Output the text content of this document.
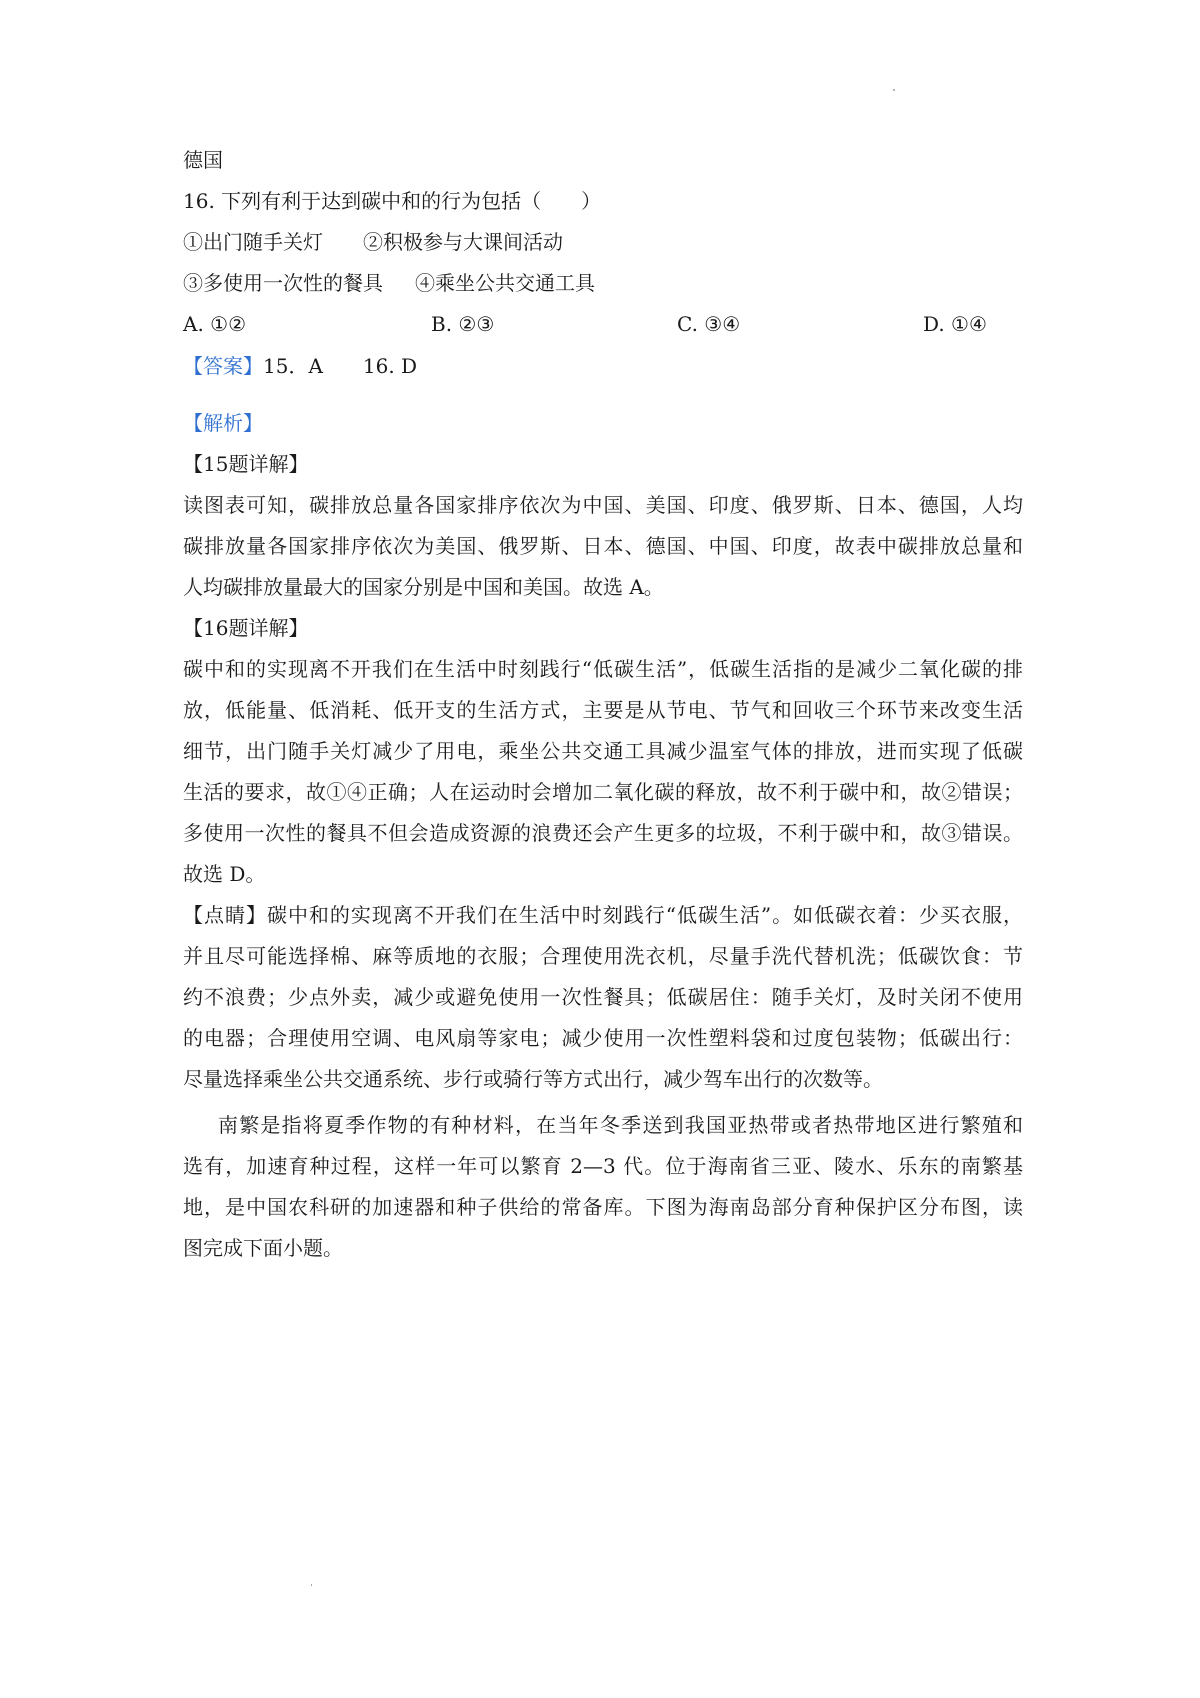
德国
16. 下列有利于达到碳中和的行为包括（　　）
①出门随手关灯 ②积极参与大课间活动
③多使用一次性的餐具 ④乘坐公共交通工具
A. ①②	B. ②③	C. ③④	D. ①④
【答案】15．A　　16. D
【解析】
【15题详解】
读图表可知，碳排放总量各国家排序依次为中国、美国、印度、俄罗斯、日本、德国，人均
碳排放量各国家排序依次为美国、俄罗斯、日本、德国、中国、印度，故表中碳排放总量和
人均碳排放量最大的国家分别是中国和美国。故选 A。
【16题详解】
碳中和的实现离不开我们在生活中时刻践行“低碳生活”，低碳生活指的是减少二氧化碳的排
放，低能量、低消耗、低开支的生活方式，主要是从节电、节气和回收三个环节来改变生活
细节，出门随手关灯减少了用电，乘坐公共交通工具减少温室气体的排放，进而实现了低碳
生活的要求，故①④正确；人在运动时会增加二氧化碳的释放，故不利于碳中和，故②错误；
多使用一次性的餐具不但会造成资源的浪费还会产生更多的垃圾，不利于碳中和，故③错误。
故选 D。
【点睛】碳中和的实现离不开我们在生活中时刻践行“低碳生活”。如低碳衣着：少买衣服，
并且尽可能选择棉、麻等质地的衣服；合理使用洗衣机，尽量手洗代替机洗；低碳饮食：节
约不浪费；少点外卖，减少或避免使用一次性餐具；低碳居住：随手关灯，及时关闭不使用
的电器；合理使用空调、电风扇等家电；减少使用一次性塑料袋和过度包装物；低碳出行：
尽量选择乘坐公共交通系统、步行或骑行等方式出行，减少驾车出行的次数等。
南繁是指将夏季作物的有种材料，在当年冬季送到我国亚热带或者热带地区进行繁殖和
选有，加速育种过程，这样一年可以繁育 2—3 代。位于海南省三亚、陵水、乐东的南繁基
地，是中国农科研的加速器和种子供给的常备库。下图为海南岛部分育种保护区分布图，读
图完成下面小题。
